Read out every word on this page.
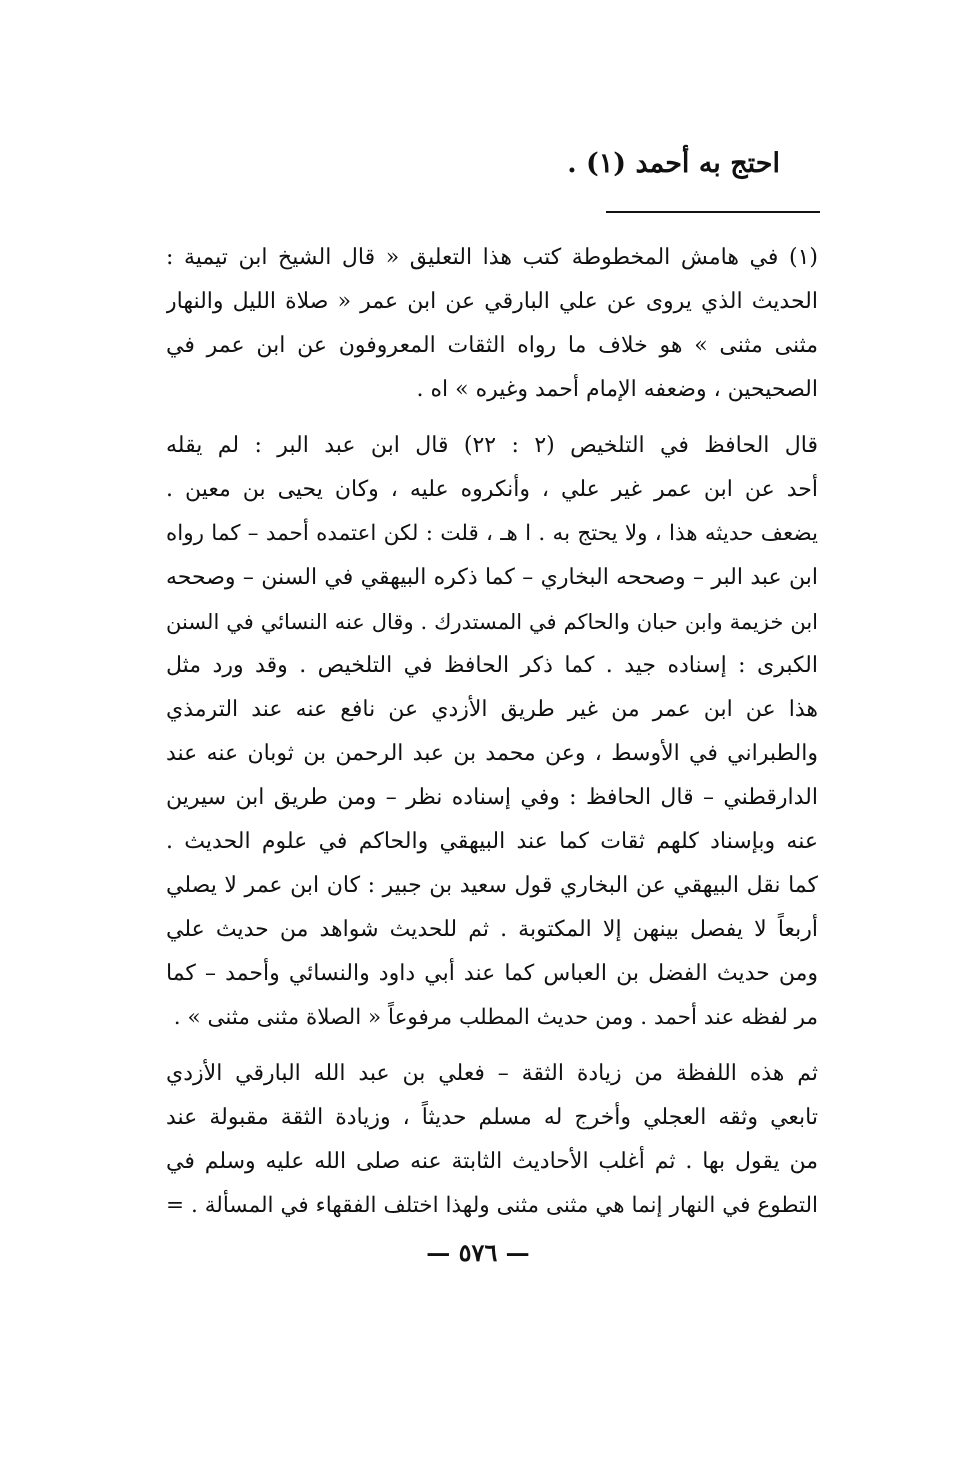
احتج به أحمد (١) .
(١) في هامش المخطوطة كتب هذا التعليق « قال الشيخ ابن تيمية :
الحديث الذي يروى عن علي البارقي عن ابن عمر « صلاة الليل والنهار
مثنى مثنى » هو خلاف ما رواه الثقات المعروفون عن ابن عمر في
الصحيحين ، وضعفه الإمام أحمد وغيره » اه .
قال الحافظ في التلخيص (٢ : ٢٢) قال ابن عبد البر : لم يقله
أحد عن ابن عمر غير علي ، وأنكروه عليه ، وكان يحيى بن معين .
يضعف حديثه هذا ، ولا يحتج به . ا هـ ، قلت : لكن اعتمده أحمد – كما رواه
ابن عبد البر – وصححه البخاري – كما ذكره البيهقي في السنن – وصححه
ابن خزيمة وابن حبان والحاكم في المستدرك . وقال عنه النسائي في السنن
الكبرى : إسناده جيد . كما ذكر الحافظ في التلخيص . وقد ورد مثل
هذا عن ابن عمر من غير طريق الأزدي عن نافع عنه عند الترمذي
والطبراني في الأوسط ، وعن محمد بن عبد الرحمن بن ثوبان عنه عند
الدارقطني – قال الحافظ : وفي إسناده نظر – ومن طريق ابن سيرين
عنه وبإسناد كلهم ثقات كما عند البيهقي والحاكم في علوم الحديث .
كما نقل البيهقي عن البخاري قول سعيد بن جبير : كان ابن عمر لا يصلي
أربعاً لا يفصل بينهن إلا المكتوبة . ثم للحديث شواهد من حديث علي
ومن حديث الفضل بن العباس كما عند أبي داود والنسائي وأحمد – كما
مر لفظه عند أحمد . ومن حديث المطلب مرفوعاً « الصلاة مثنى مثنى » .
ثم هذه اللفظة من زيادة الثقة – فعلي بن عبد الله البارقي الأزدي
تابعي وثقه العجلي وأخرج له مسلم حديثاً ، وزيادة الثقة مقبولة عند
من يقول بها . ثم أغلب الأحاديث الثابتة عنه صلى الله عليه وسلم في
التطوع في النهار إنما هي مثنى مثنى ولهذا اختلف الفقهاء في المسألة . =
— ٥٧٦ —
